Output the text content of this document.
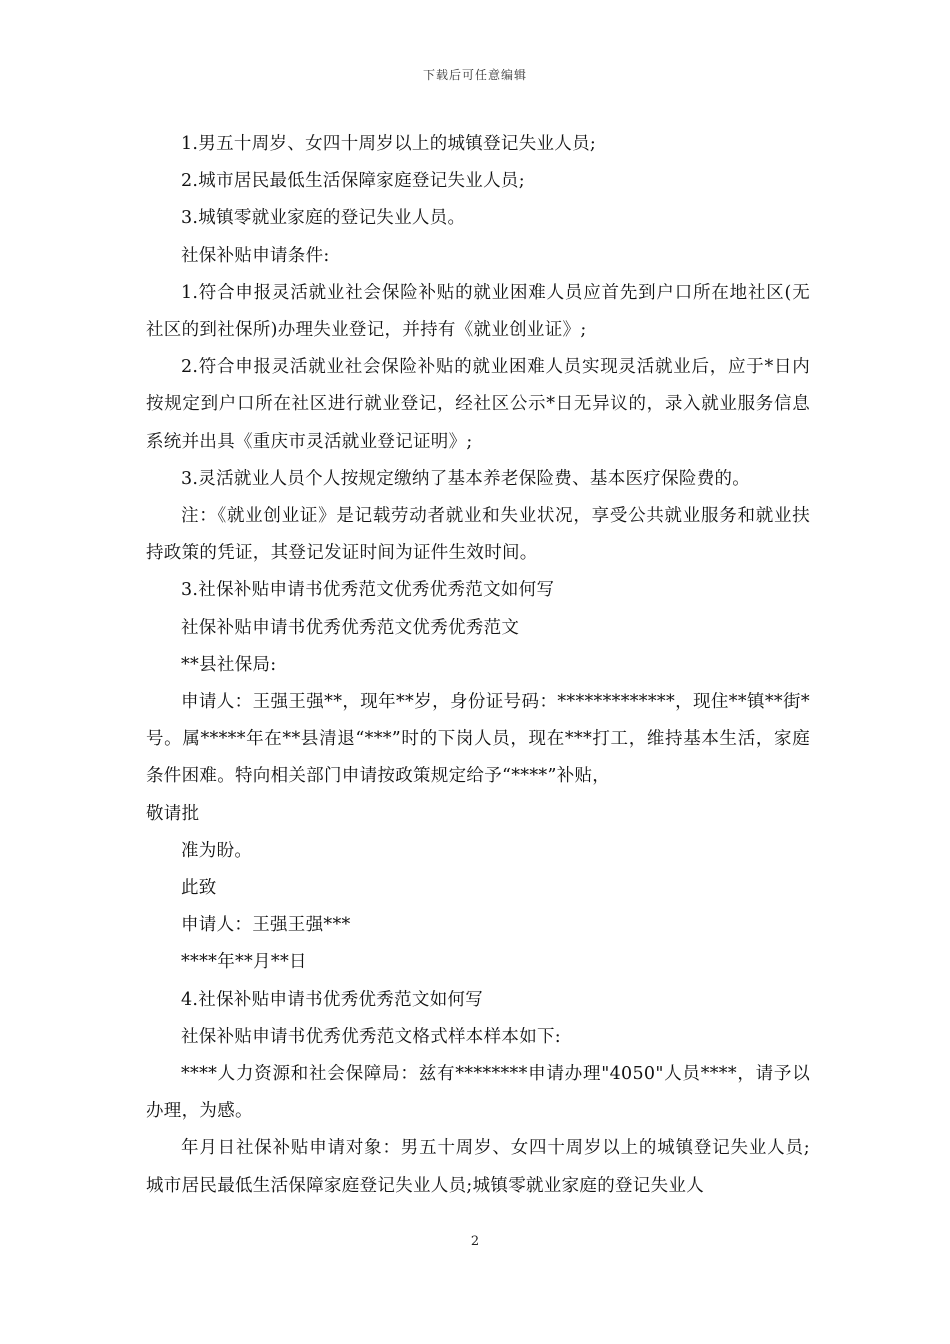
下载后可任意编辑

1.男五十周岁、女四十周岁以上的城镇登记失业人员;

2.城市居民最低生活保障家庭登记失业人员;

3.城镇零就业家庭的登记失业人员。

社保补贴申请条件:

1.符合申报灵活就业社会保险补贴的就业困难人员应首先到户口所在地社区(无社区的到社保所)办理失业登记，并持有《就业创业证》;

2.符合申报灵活就业社会保险补贴的就业困难人员实现灵活就业后，应于*日内按规定到户口所在社区进行就业登记，经社区公示*日无异议的，录入就业服务信息系统并出具《重庆市灵活就业登记证明》;

3.灵活就业人员个人按规定缴纳了基本养老保险费、基本医疗保险费的。

注：《就业创业证》是记载劳动者就业和失业状况，享受公共就业服务和就业扶持政策的凭证，其登记发证时间为证件生效时间。

3.社保补贴申请书优秀范文优秀优秀范文如何写

社保补贴申请书优秀优秀范文优秀优秀范文

**县社保局:

申请人：王强王强**，现年**岁，身份证号码：*************，现住**镇**街*号。属*****年在**县清退“***”时的下岗人员，现在***打工，维持基本生活，家庭条件困难。特向相关部门申请按政策规定给予“****”补贴，

敬请批

准为盼。

此致

申请人：王强王强***

****年**月**日

4.社保补贴申请书优秀优秀范文如何写

社保补贴申请书优秀优秀范文格式样本样本如下:

****人力资源和社会保障局：兹有********申请办理"4050"人员****，请予以办理，为感。

年月日社保补贴申请对象：男五十周岁、女四十周岁以上的城镇登记失业人员;城市居民最低生活保障家庭登记失业人员;城镇零就业家庭的登记失业人

2
